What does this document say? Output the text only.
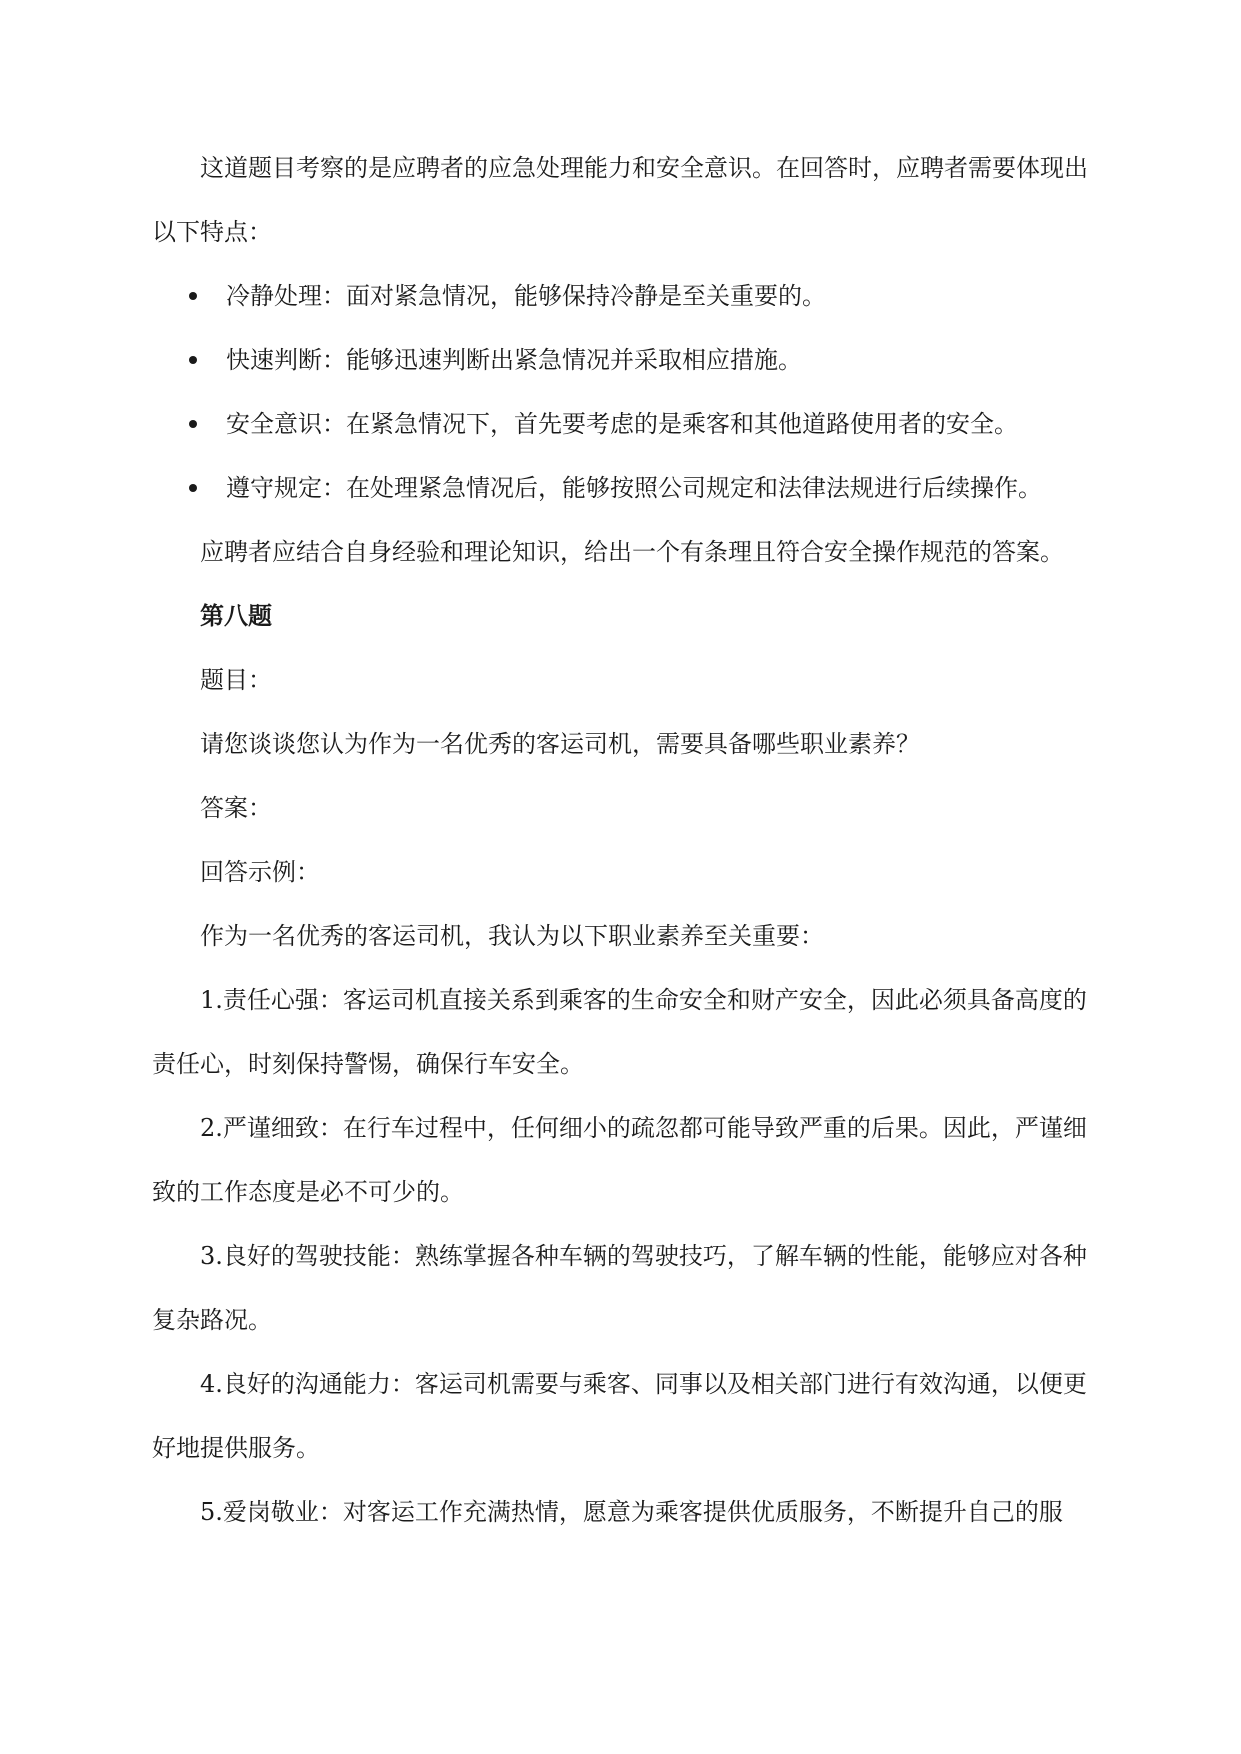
这道题目考察的是应聘者的应急处理能力和安全意识。在回答时，应聘者需要体现出以下特点：

冷静处理：面对紧急情况，能够保持冷静是至关重要的。
快速判断：能够迅速判断出紧急情况并采取相应措施。
安全意识：在紧急情况下，首先要考虑的是乘客和其他道路使用者的安全。
遵守规定：在处理紧急情况后，能够按照公司规定和法律法规进行后续操作。

应聘者应结合自身经验和理论知识，给出一个有条理且符合安全操作规范的答案。

第八题

题目：

请您谈谈您认为作为一名优秀的客运司机，需要具备哪些职业素养？

答案：

回答示例：

作为一名优秀的客运司机，我认为以下职业素养至关重要：

1.责任心强：客运司机直接关系到乘客的生命安全和财产安全，因此必须具备高度的责任心，时刻保持警惕，确保行车安全。

2.严谨细致：在行车过程中，任何细小的疏忽都可能导致严重的后果。因此，严谨细致的工作态度是必不可少的。

3.良好的驾驶技能：熟练掌握各种车辆的驾驶技巧，了解车辆的性能，能够应对各种复杂路况。

4.良好的沟通能力：客运司机需要与乘客、同事以及相关部门进行有效沟通，以便更好地提供服务。

5.爱岗敬业：对客运工作充满热情，愿意为乘客提供优质服务，不断提升自己的服
